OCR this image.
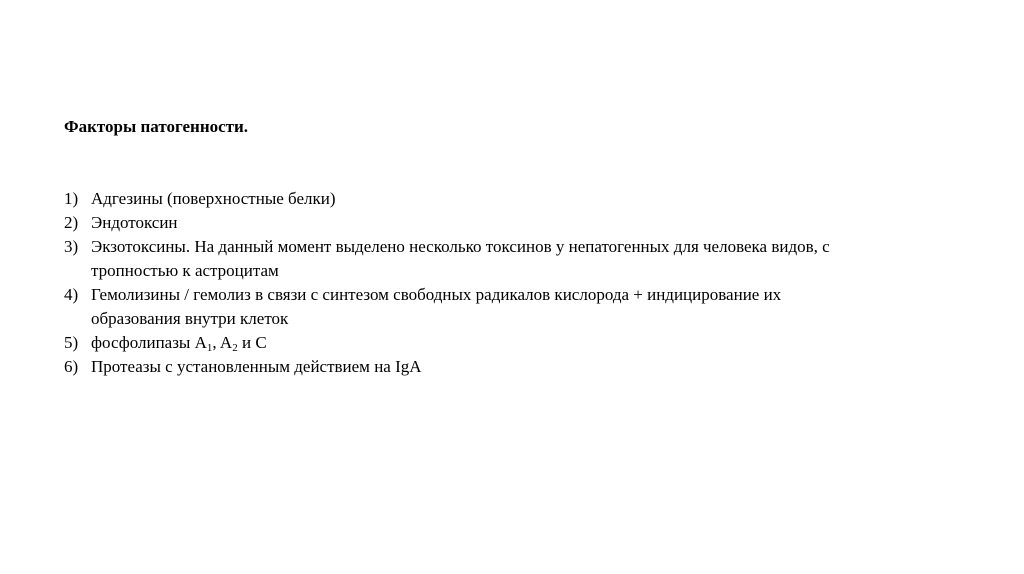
Факторы патогенности.
1) Адгезины (поверхностные белки)
2) Эндотоксин
3) Экзотоксины. На данный момент выделено несколько токсинов у непатогенных для человека видов, с тропностью к астроцитам
4) Гемолизины / гемолиз в связи с синтезом свободных радикалов кислорода + индицирование их образования внутри клеток
5) фосфолипазы $A_1$, $A_2$ и C
6) Протеазы с установленным действием на IgA
